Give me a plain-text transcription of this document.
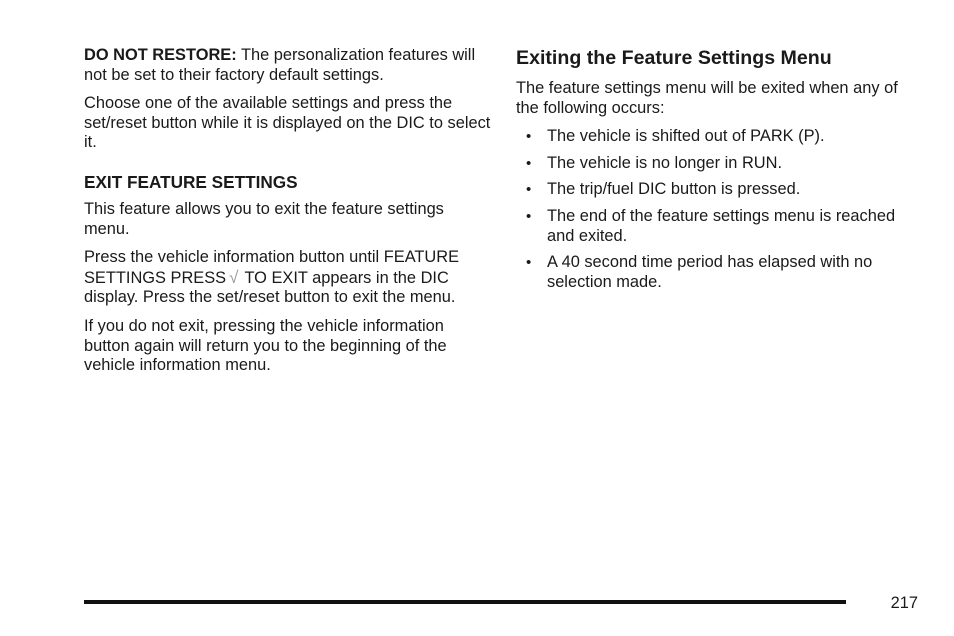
DO NOT RESTORE: The personalization features will not be set to their factory default settings.

Choose one of the available settings and press the set/reset button while it is displayed on the DIC to select it.

EXIT FEATURE SETTINGS

This feature allows you to exit the feature settings menu.

Press the vehicle information button until FEATURE SETTINGS PRESS √ TO EXIT appears in the DIC display. Press the set/reset button to exit the menu.

If you do not exit, pressing the vehicle information button again will return you to the beginning of the vehicle information menu.

Exiting the Feature Settings Menu

The feature settings menu will be exited when any of the following occurs:

• The vehicle is shifted out of PARK (P).
• The vehicle is no longer in RUN.
• The trip/fuel DIC button is pressed.
• The end of the feature settings menu is reached and exited.
• A 40 second time period has elapsed with no selection made.
217
